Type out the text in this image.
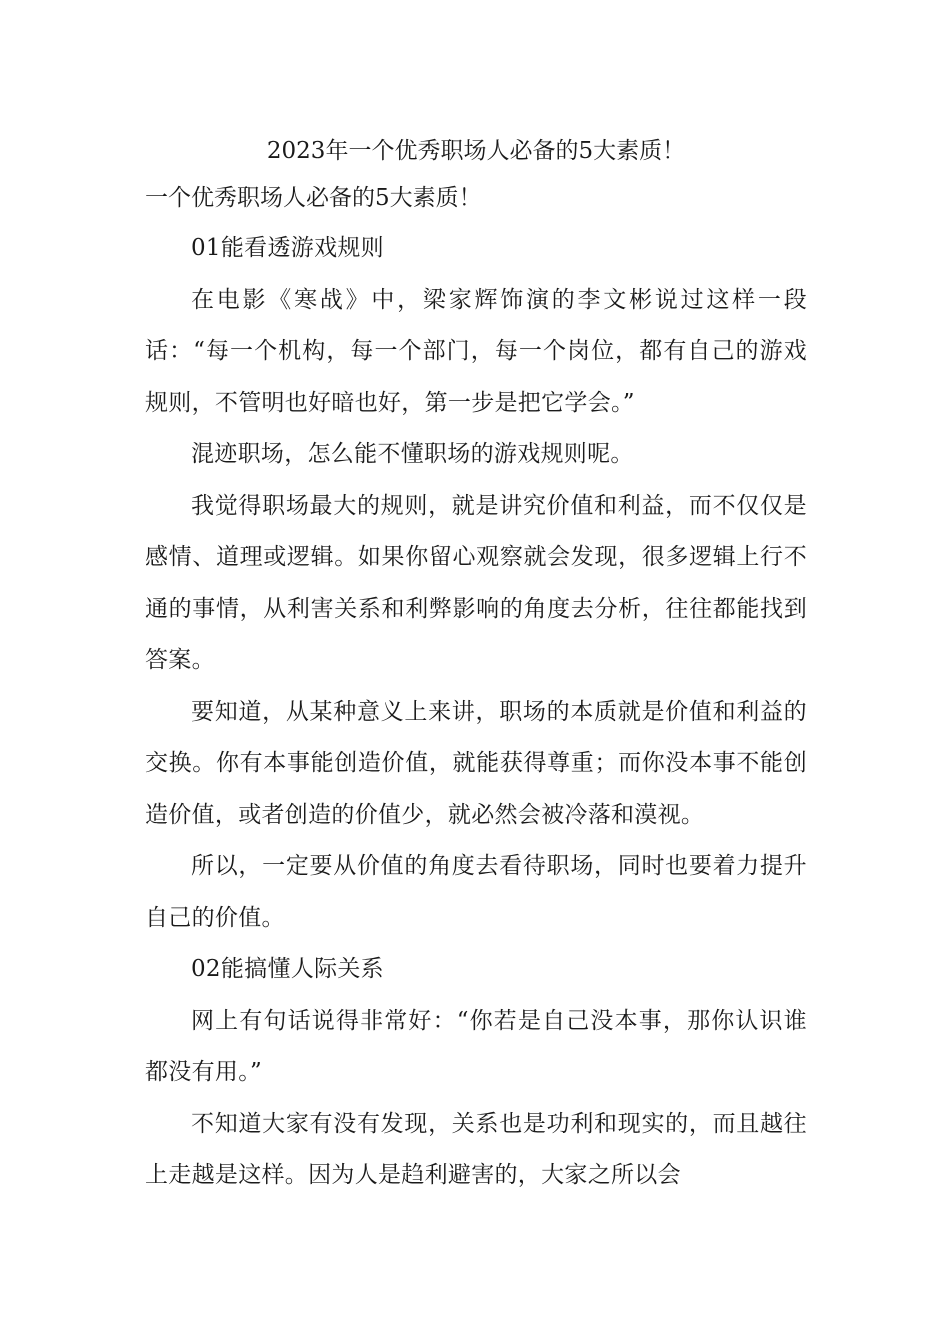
2023年一个优秀职场人必备的5大素质！

一个优秀职场人必备的5大素质！

01能看透游戏规则

在电影《寒战》中，梁家辉饰演的李文彬说过这样一段话：“每一个机构，每一个部门，每一个岗位，都有自己的游戏规则，不管明也好暗也好，第一步是把它学会。”

混迹职场，怎么能不懂职场的游戏规则呢。

我觉得职场最大的规则，就是讲究价值和利益，而不仅仅是感情、道理或逻辑。如果你留心观察就会发现，很多逻辑上行不通的事情，从利害关系和利弊影响的角度去分析，往往都能找到答案。

要知道，从某种意义上来讲，职场的本质就是价值和利益的交换。你有本事能创造价值，就能获得尊重；而你没本事不能创造价值，或者创造的价值少，就必然会被冷落和漠视。

所以，一定要从价值的角度去看待职场，同时也要着力提升自己的价值。

02能搞懂人际关系

网上有句话说得非常好：“你若是自己没本事，那你认识谁都没有用。”

不知道大家有没有发现，关系也是功利和现实的，而且越往上走越是这样。因为人是趋利避害的，大家之所以会
